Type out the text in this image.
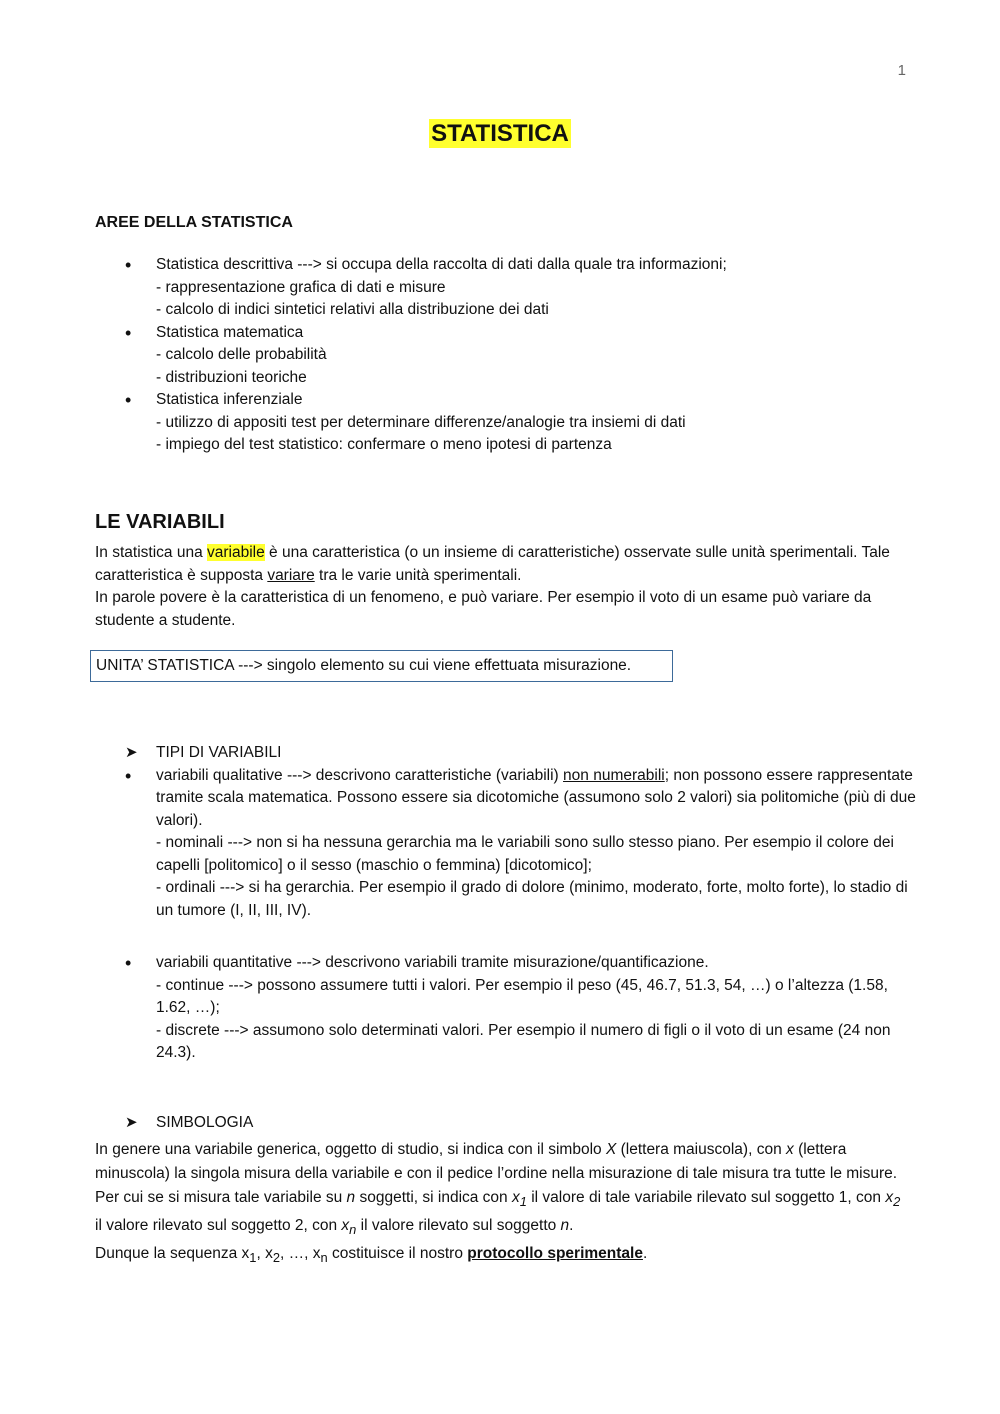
1
STATISTICA
AREE DELLA STATISTICA
• Statistica descrittiva ---> si occupa della raccolta di dati dalla quale tra informazioni;
- rappresentazione grafica di dati e misure
- calcolo di indici sintetici relativi alla distribuzione dei dati
• Statistica matematica
- calcolo delle probabilità
- distribuzioni teoriche
• Statistica inferenziale
- utilizzo di appositi test per determinare differenze/analogie tra insiemi di dati
- impiego del test statistico: confermare o meno ipotesi di partenza
LE VARIABILI
In statistica una variabile è una caratteristica (o un insieme di caratteristiche) osservate sulle unità sperimentali. Tale caratteristica è supposta variare tra le varie unità sperimentali.
In parole povere è la caratteristica di un fenomeno, e può variare. Per esempio il voto di un esame può variare da studente a studente.
UNITA’ STATISTICA ---> singolo elemento su cui viene effettuata misurazione.
➤ TIPI DI VARIABILI
• variabili qualitative ---> descrivono caratteristiche (variabili) non numerabili; non possono essere rappresentate tramite scala matematica. Possono essere sia dicotomiche (assumono solo 2 valori) sia politomiche (più di due valori).
- nominali ---> non si ha nessuna gerarchia ma le variabili sono sullo stesso piano. Per esempio il colore dei capelli [politomico] o il sesso (maschio o femmina) [dicotomico];
- ordinali ---> si ha gerarchia. Per esempio il grado di dolore (minimo, moderato, forte, molto forte), lo stadio di un tumore (I, II, III, IV).
• variabili quantitative ---> descrivono variabili tramite misurazione/quantificazione.
- continue ---> possono assumere tutti i valori. Per esempio il peso (45, 46.7, 51.3, 54, …) o l’altezza (1.58, 1.62, …);
- discrete ---> assumono solo determinati valori. Per esempio il numero di figli o il voto di un esame (24 non 24.3).
➤ SIMBOLOGIA
In genere una variabile generica, oggetto di studio, si indica con il simbolo X (lettera maiuscola), con x (lettera minuscola) la singola misura della variabile e con il pedice l’ordine nella misurazione di tale misura tra tutte le misure. Per cui se si misura tale variabile su n soggetti, si indica con $x_1$ il valore di tale variabile rilevato sul soggetto 1, con $x_2$ il valore rilevato sul soggetto 2, con $x_n$ il valore rilevato sul soggetto n.
Dunque la sequenza $x_1$, $x_2$, …, $x_n$ costituisce il nostro protocollo sperimentale.
